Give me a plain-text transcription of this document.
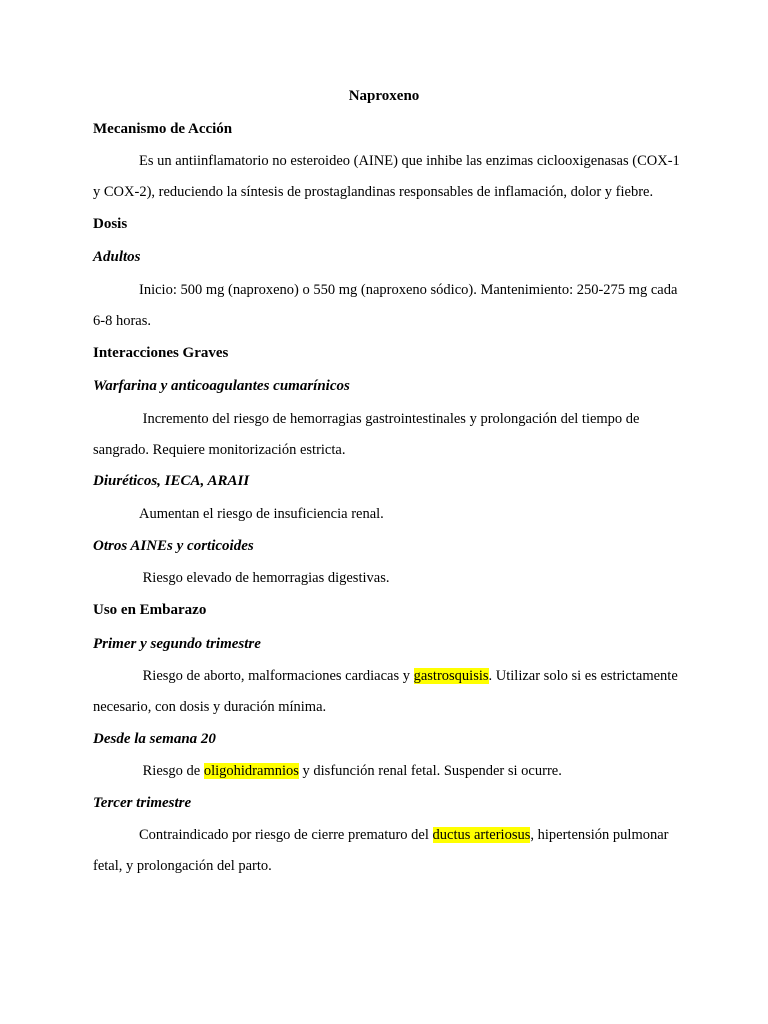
Naproxeno
Mecanismo de Acción
Es un antiinflamatorio no esteroideo (AINE) que inhibe las enzimas ciclooxigenasas (COX-1
y COX-2), reduciendo la síntesis de prostaglandinas responsables de inflamación, dolor y fiebre.
Dosis
Adultos
Inicio: 500 mg (naproxeno) o 550 mg (naproxeno sódico). Mantenimiento: 250-275 mg cada
6-8 horas.
Interacciones Graves
Warfarina y anticoagulantes cumarínicos
Incremento del riesgo de hemorragias gastrointestinales y prolongación del tiempo de
sangrado. Requiere monitorización estricta.
Diuréticos, IECA, ARAII
Aumentan el riesgo de insuficiencia renal.
Otros AINEs y corticoides
Riesgo elevado de hemorragias digestivas.
Uso en Embarazo
Primer y segundo trimestre
Riesgo de aborto, malformaciones cardiacas y gastrosquisis. Utilizar solo si es estrictamente
necesario, con dosis y duración mínima.
Desde la semana 20
Riesgo de oligohidramnios y disfunción renal fetal. Suspender si ocurre.
Tercer trimestre
Contraindicado por riesgo de cierre prematuro del ductus arteriosus, hipertensión pulmonar
fetal, y prolongación del parto.
